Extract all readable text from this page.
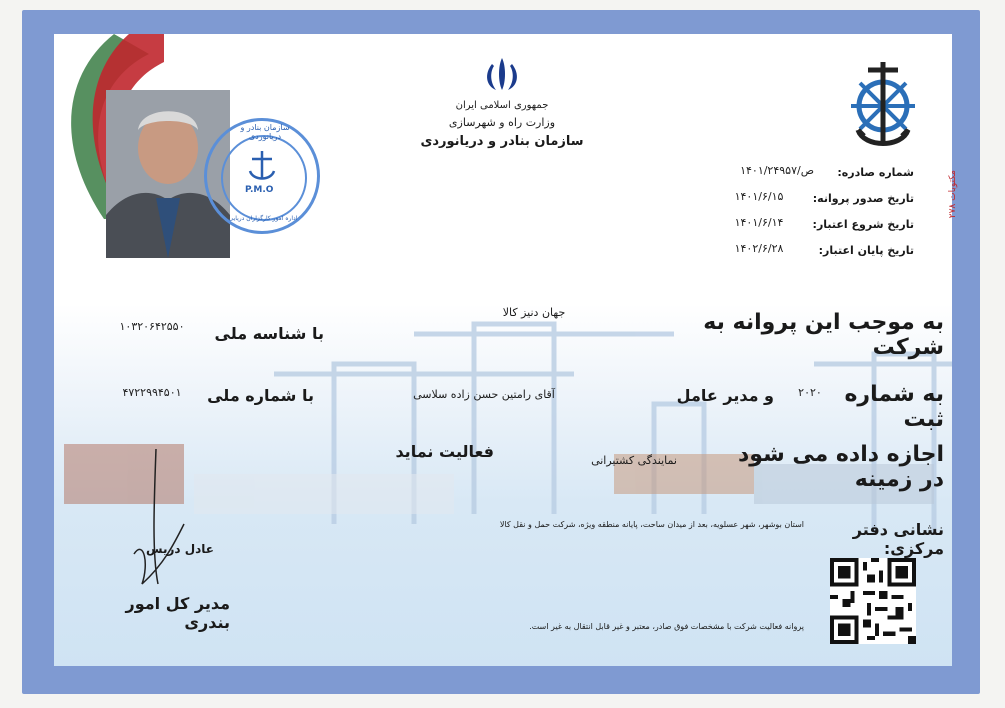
P.M.O
سازمان بنادر و دریانوردی
اداره امور کارگزاران دریایی
جمهوری اسلامی ایران
وزارت راه و شهرسازی
سازمان بنادر و دریانوردی
شماره صادره:
ص/۱۴۰۱/۲۴۹۵۷
تاریخ صدور پروانه:
۱۴۰۱/۶/۱۵
تاریخ شروع اعتبار:
۱۴۰۱/۶/۱۴
تاریخ پایان اعتبار:
۱۴۰۲/۶/۲۸
به موجب این پروانه به شرکت
جهان دنیز کالا
با شناسه ملی
۱۰۳۲۰۶۴۲۵۵۰
به شماره ثبت
۲۰۲۰
و مدیر عامل
آقای رامتین حسن زاده سلاسی
با شماره ملی
۴۷۲۲۹۹۴۵۰۱
اجازه داده می شود در زمینه
نمایندگی کشتیرانی
فعالیت نماید
نشانی دفتر مرکزی:
استان بوشهر، شهر عسلویه، بعد از میدان ساحت، پایانه منطقه ویژه، شرکت حمل و نقل کالا
پروانه فعالیت شرکت با مشخصات فوق صادر، معتبر و غیر قابل انتقال به غیر است.
عادل دریس
مدیر کل امور بندری
مکتوبات ۲۷۸
